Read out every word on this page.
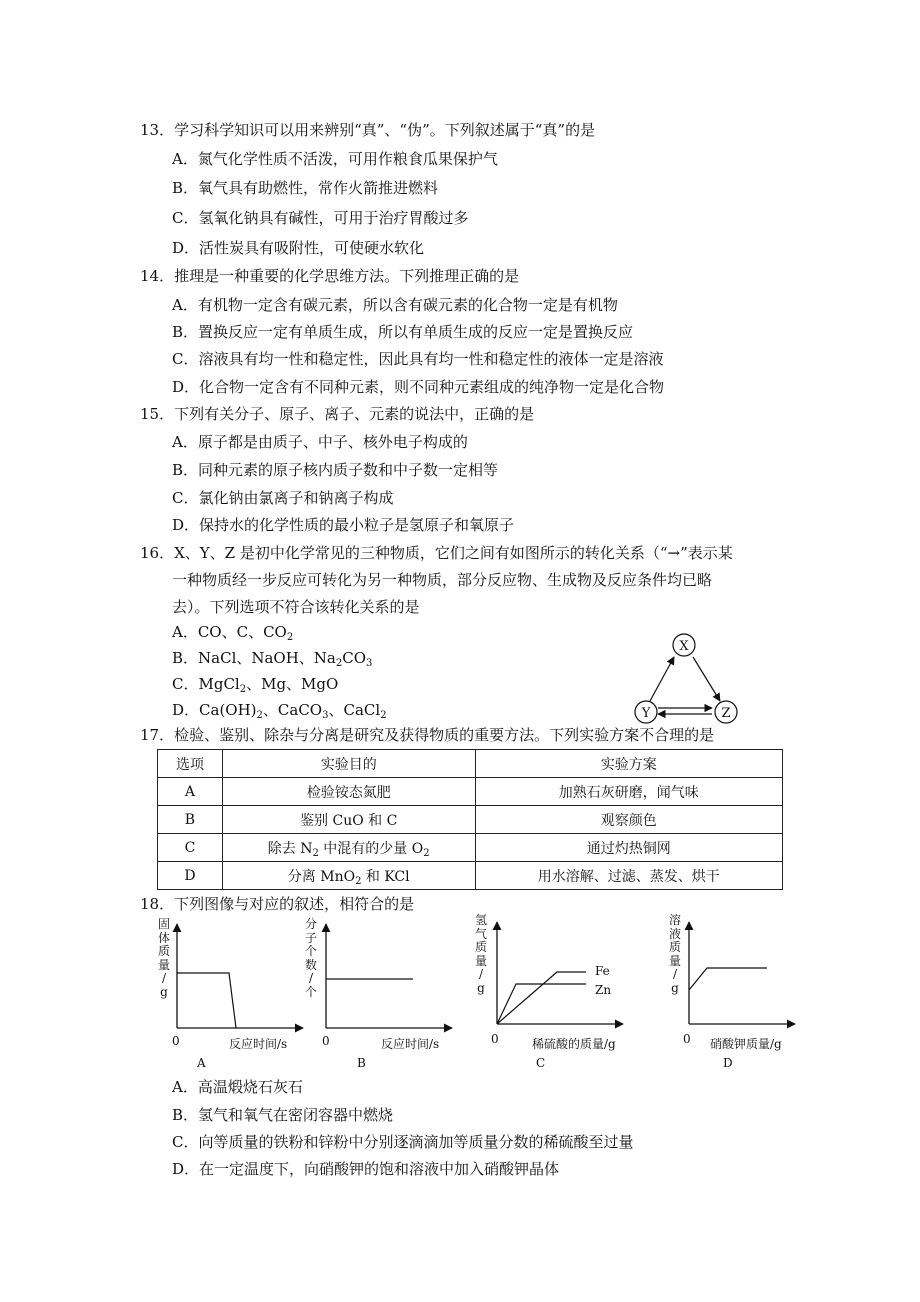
13．学习科学知识可以用来辨别“真”、“伪”。下列叙述属于“真”的是
A．氮气化学性质不活泼，可用作粮食瓜果保护气
B．氧气具有助燃性，常作火箭推进燃料
C．氢氧化钠具有碱性，可用于治疗胃酸过多
D．活性炭具有吸附性，可使硬水软化
14．推理是一种重要的化学思维方法。下列推理正确的是
A．有机物一定含有碳元素，所以含有碳元素的化合物一定是有机物
B．置换反应一定有单质生成，所以有单质生成的反应一定是置换反应
C．溶液具有均一性和稳定性，因此具有均一性和稳定性的液体一定是溶液
D．化合物一定含有不同种元素，则不同种元素组成的纯净物一定是化合物
15．下列有关分子、原子、离子、元素的说法中，正确的是
A．原子都是由质子、中子、核外电子构成的
B．同种元素的原子核内质子数和中子数一定相等
C．氯化钠由氯离子和钠离子构成
D．保持水的化学性质的最小粒子是氢原子和氧原子
16．X、Y、Z 是初中化学常见的三种物质，它们之间有如图所示的转化关系（“→”表示某
一种物质经一步反应可转化为另一种物质，部分反应物、生成物及反应条件均已略
去）。下列选项不符合该转化关系的是
A．CO、C、$CO_2$
B．NaCl、NaOH、$Na_2CO_3$
C．MgCl$_2$、Mg、MgO
D．$Ca(OH)_2$、CaCO$_3$、CaCl$_2$
X
Y	Z
17．检验、鉴别、除杂与分离是研究及获得物质的重要方法。下列实验方案不合理的是
选项	实验目的	实验方案
A	检验铵态氮肥	加熟石灰研磨，闻气味
B	鉴别 CuO 和 C	观察颜色
C	除去 $N_2$ 中混有的少量 $O_2$	通过灼热铜网
D	分离 MnO$_2$ 和 KCl	用水溶解、过滤、蒸发、烘干
18．下列图像与对应的叙述，相符合的是
固
体
质
量
/
g
0	反应时间/s
A
分
子
个
数
/
个
0	反应时间/s
B
氢
气
质
量
/
g
Fe
Zn
0	稀硫酸的质量/g
C
溶
液
质
量
/
g
0 硝酸钾质量/g
D
A．高温煅烧石灰石
B．氢气和氧气在密闭容器中燃烧
C．向等质量的铁粉和锌粉中分别逐滴滴加等质量分数的稀硫酸至过量
D．在一定温度下，向硝酸钾的饱和溶液中加入硝酸钾晶体
